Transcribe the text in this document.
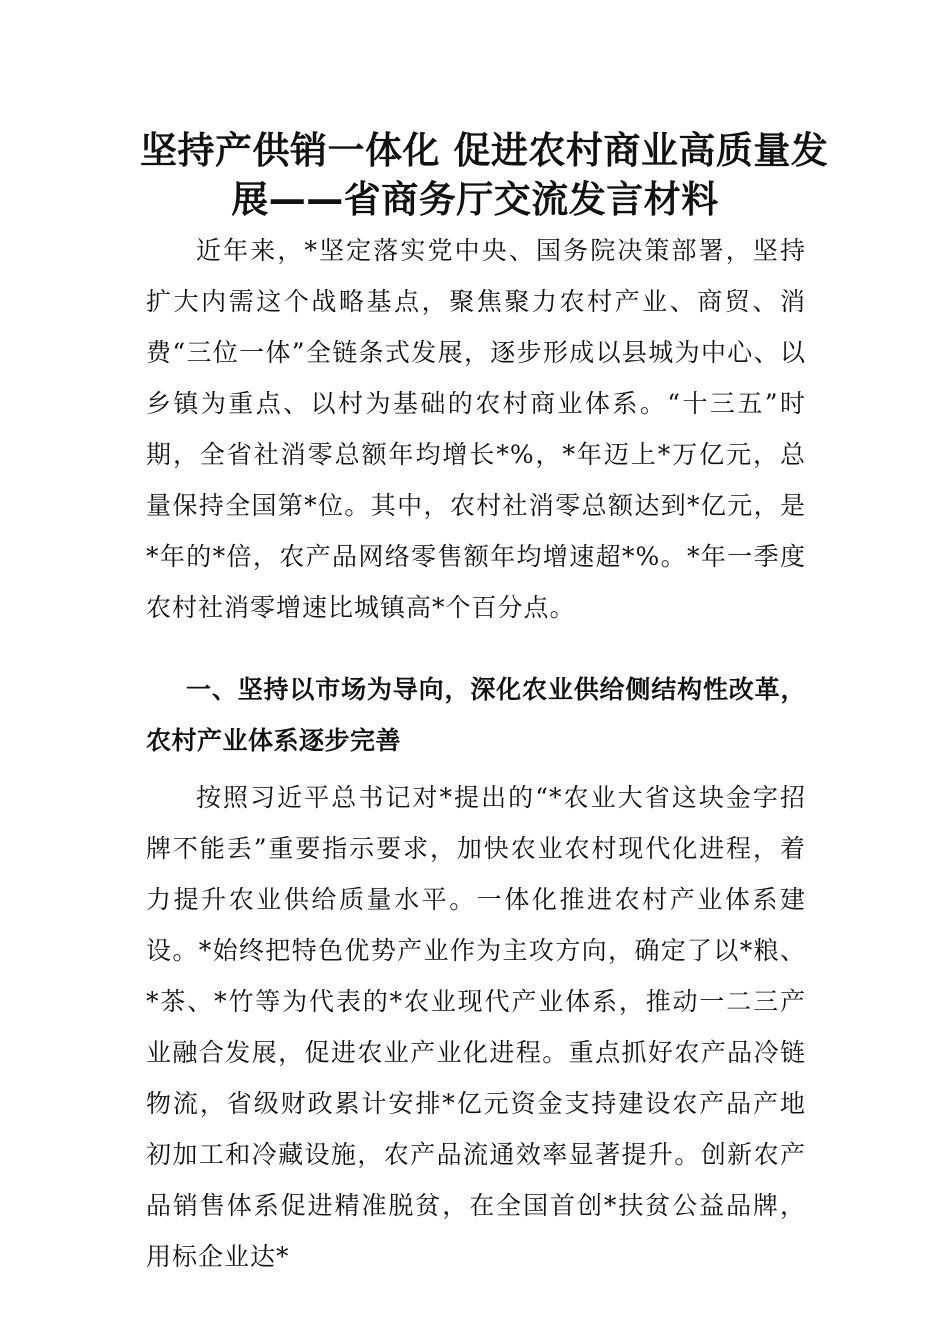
坚持产供销一体化 促进农村商业高质量发
展——省商务厅交流发言材料

近年来，*坚定落实党中央、国务院决策部署，坚持扩大内需这个战略基点，聚焦聚力农村产业、商贸、消费“三位一体”全链条式发展，逐步形成以县城为中心、以乡镇为重点、以村为基础的农村商业体系。“十三五”时期，全省社消零总额年均增长*%，*年迈上*万亿元，总量保持全国第*位。其中，农村社消零总额达到*亿元，是*年的*倍，农产品网络零售额年均增速超*%。*年一季度农村社消零增速比城镇高*个百分点。

一、坚持以市场为导向，深化农业供给侧结构性改革，农村产业体系逐步完善

按照习近平总书记对*提出的“*农业大省这块金字招牌不能丢”重要指示要求，加快农业农村现代化进程，着力提升农业供给质量水平。一体化推进农村产业体系建设。*始终把特色优势产业作为主攻方向，确定了以*粮、*茶、*竹等为代表的*农业现代产业体系，推动一二三产业融合发展，促进农业产业化进程。重点抓好农产品冷链物流，省级财政累计安排*亿元资金支持建设农产品产地初加工和冷藏设施，农产品流通效率显著提升。创新农产品销售体系促进精准脱贫，在全国首创*扶贫公益品牌，用标企业达*
